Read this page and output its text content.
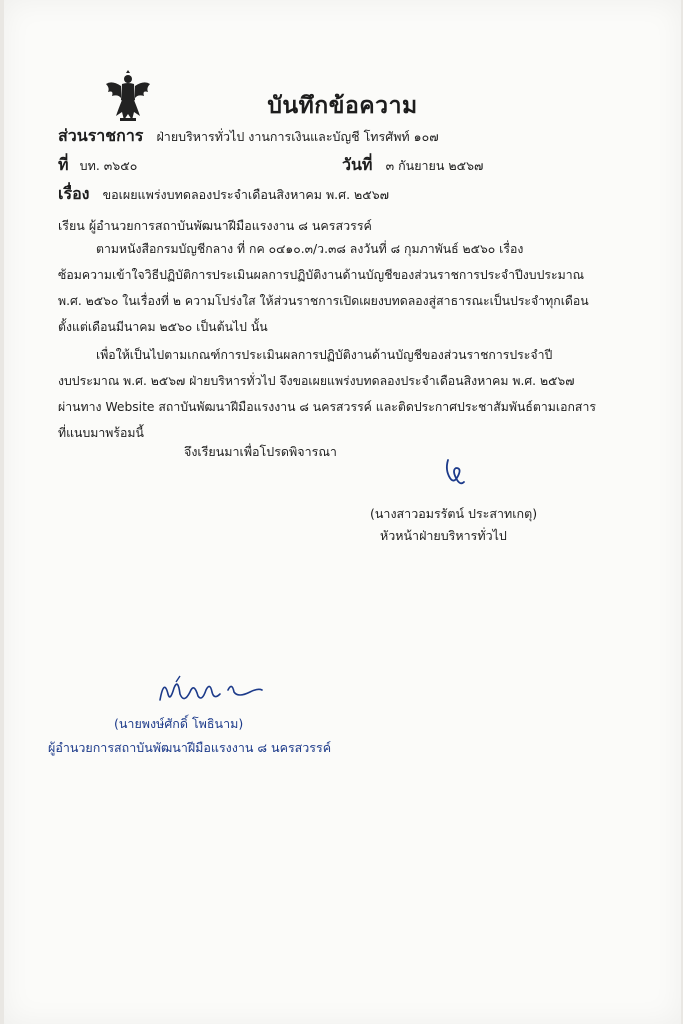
บันทึกข้อความ
ส่วนราชการ ฝ่ายบริหารทั่วไป งานการเงินและบัญชี โทรศัพท์ ๑๐๗
ที่ บท. ๓๖๕๐	วันที่ ๓ กันยายน ๒๕๖๗
เรื่อง ขอเผยแพร่งบทดลองประจำเดือนสิงหาคม พ.ศ. ๒๕๖๗
เรียน ผู้อำนวยการสถาบันพัฒนาฝีมือแรงงาน ๘ นครสวรรค์
ตามหนังสือกรมบัญชีกลาง ที่ กค ๐๔๑๐.๓/ว.๓๘ ลงวันที่ ๘ กุมภาพันธ์ ๒๕๖๐ เรื่อง
ซ้อมความเข้าใจวิธีปฏิบัติการประเมินผลการปฏิบัติงานด้านบัญชีของส่วนราชการประจำปีงบประมาณ
พ.ศ. ๒๕๖๐ ในเรื่องที่ ๒ ความโปร่งใส ให้ส่วนราชการเปิดเผยงบทดลองสู่สาธารณะเป็นประจำทุกเดือน
ตั้งแต่เดือนมีนาคม ๒๕๖๐ เป็นต้นไป นั้น
เพื่อให้เป็นไปตามเกณฑ์การประเมินผลการปฏิบัติงานด้านบัญชีของส่วนราชการประจำปี
งบประมาณ พ.ศ. ๒๕๖๗ ฝ่ายบริหารทั่วไป จึงขอเผยแพร่งบทดลองประจำเดือนสิงหาคม พ.ศ. ๒๕๖๗
ผ่านทาง Website สถาบันพัฒนาฝีมือแรงงาน ๘ นครสวรรค์ และติดประกาศประชาสัมพันธ์ตามเอกสาร
ที่แนบมาพร้อมนี้
จึงเรียนมาเพื่อโปรดพิจารณา
(นางสาวอมรรัตน์ ประสาทเกตุ)
หัวหน้าฝ่ายบริหารทั่วไป
(นายพงษ์ศักดิ์ โพธินาม)
ผู้อำนวยการสถาบันพัฒนาฝีมือแรงงาน ๘ นครสวรรค์
